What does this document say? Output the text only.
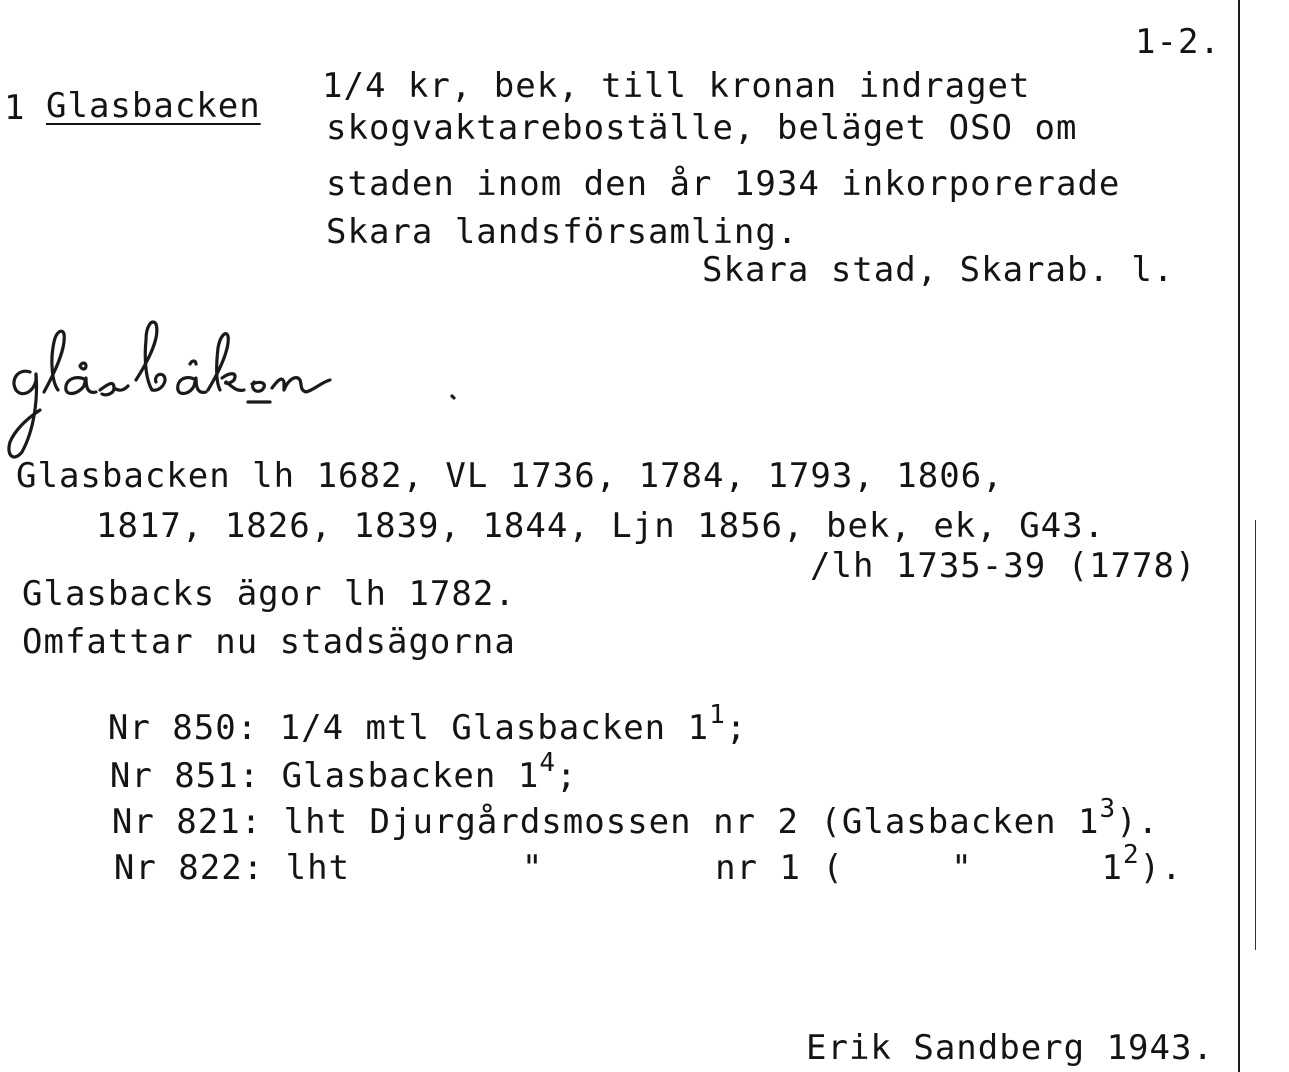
1-2.
1 Glasbacken 1/4 kr, bek, till kronan indraget
skogvaktareboställe, beläget OSO om
staden inom den år 1934 inkorporerade
Skara landsförsamling.
Skara stad, Skarab. l.
glåsbåkən.
Glasbacken lh 1682, VL 1736, 1784, 1793, 1806,
1817, 1826, 1839, 1844, Ljn 1856, bek, ek, G43.
/lh 1735-39 (1778)
Glasbacks ägor lh 1782.
Omfattar nu stadsägorna

Nr 850: 1/4 mtl Glasbacken $1^1$;

Nr 851: Glasbacken $1^4$;

Nr 821: lht Djurgårdsmossen nr 2 (Glasbacken $1^3$).

Nr 822: lht        "        nr 1 (     "      $1^2$).

Erik Sandberg 1943.
